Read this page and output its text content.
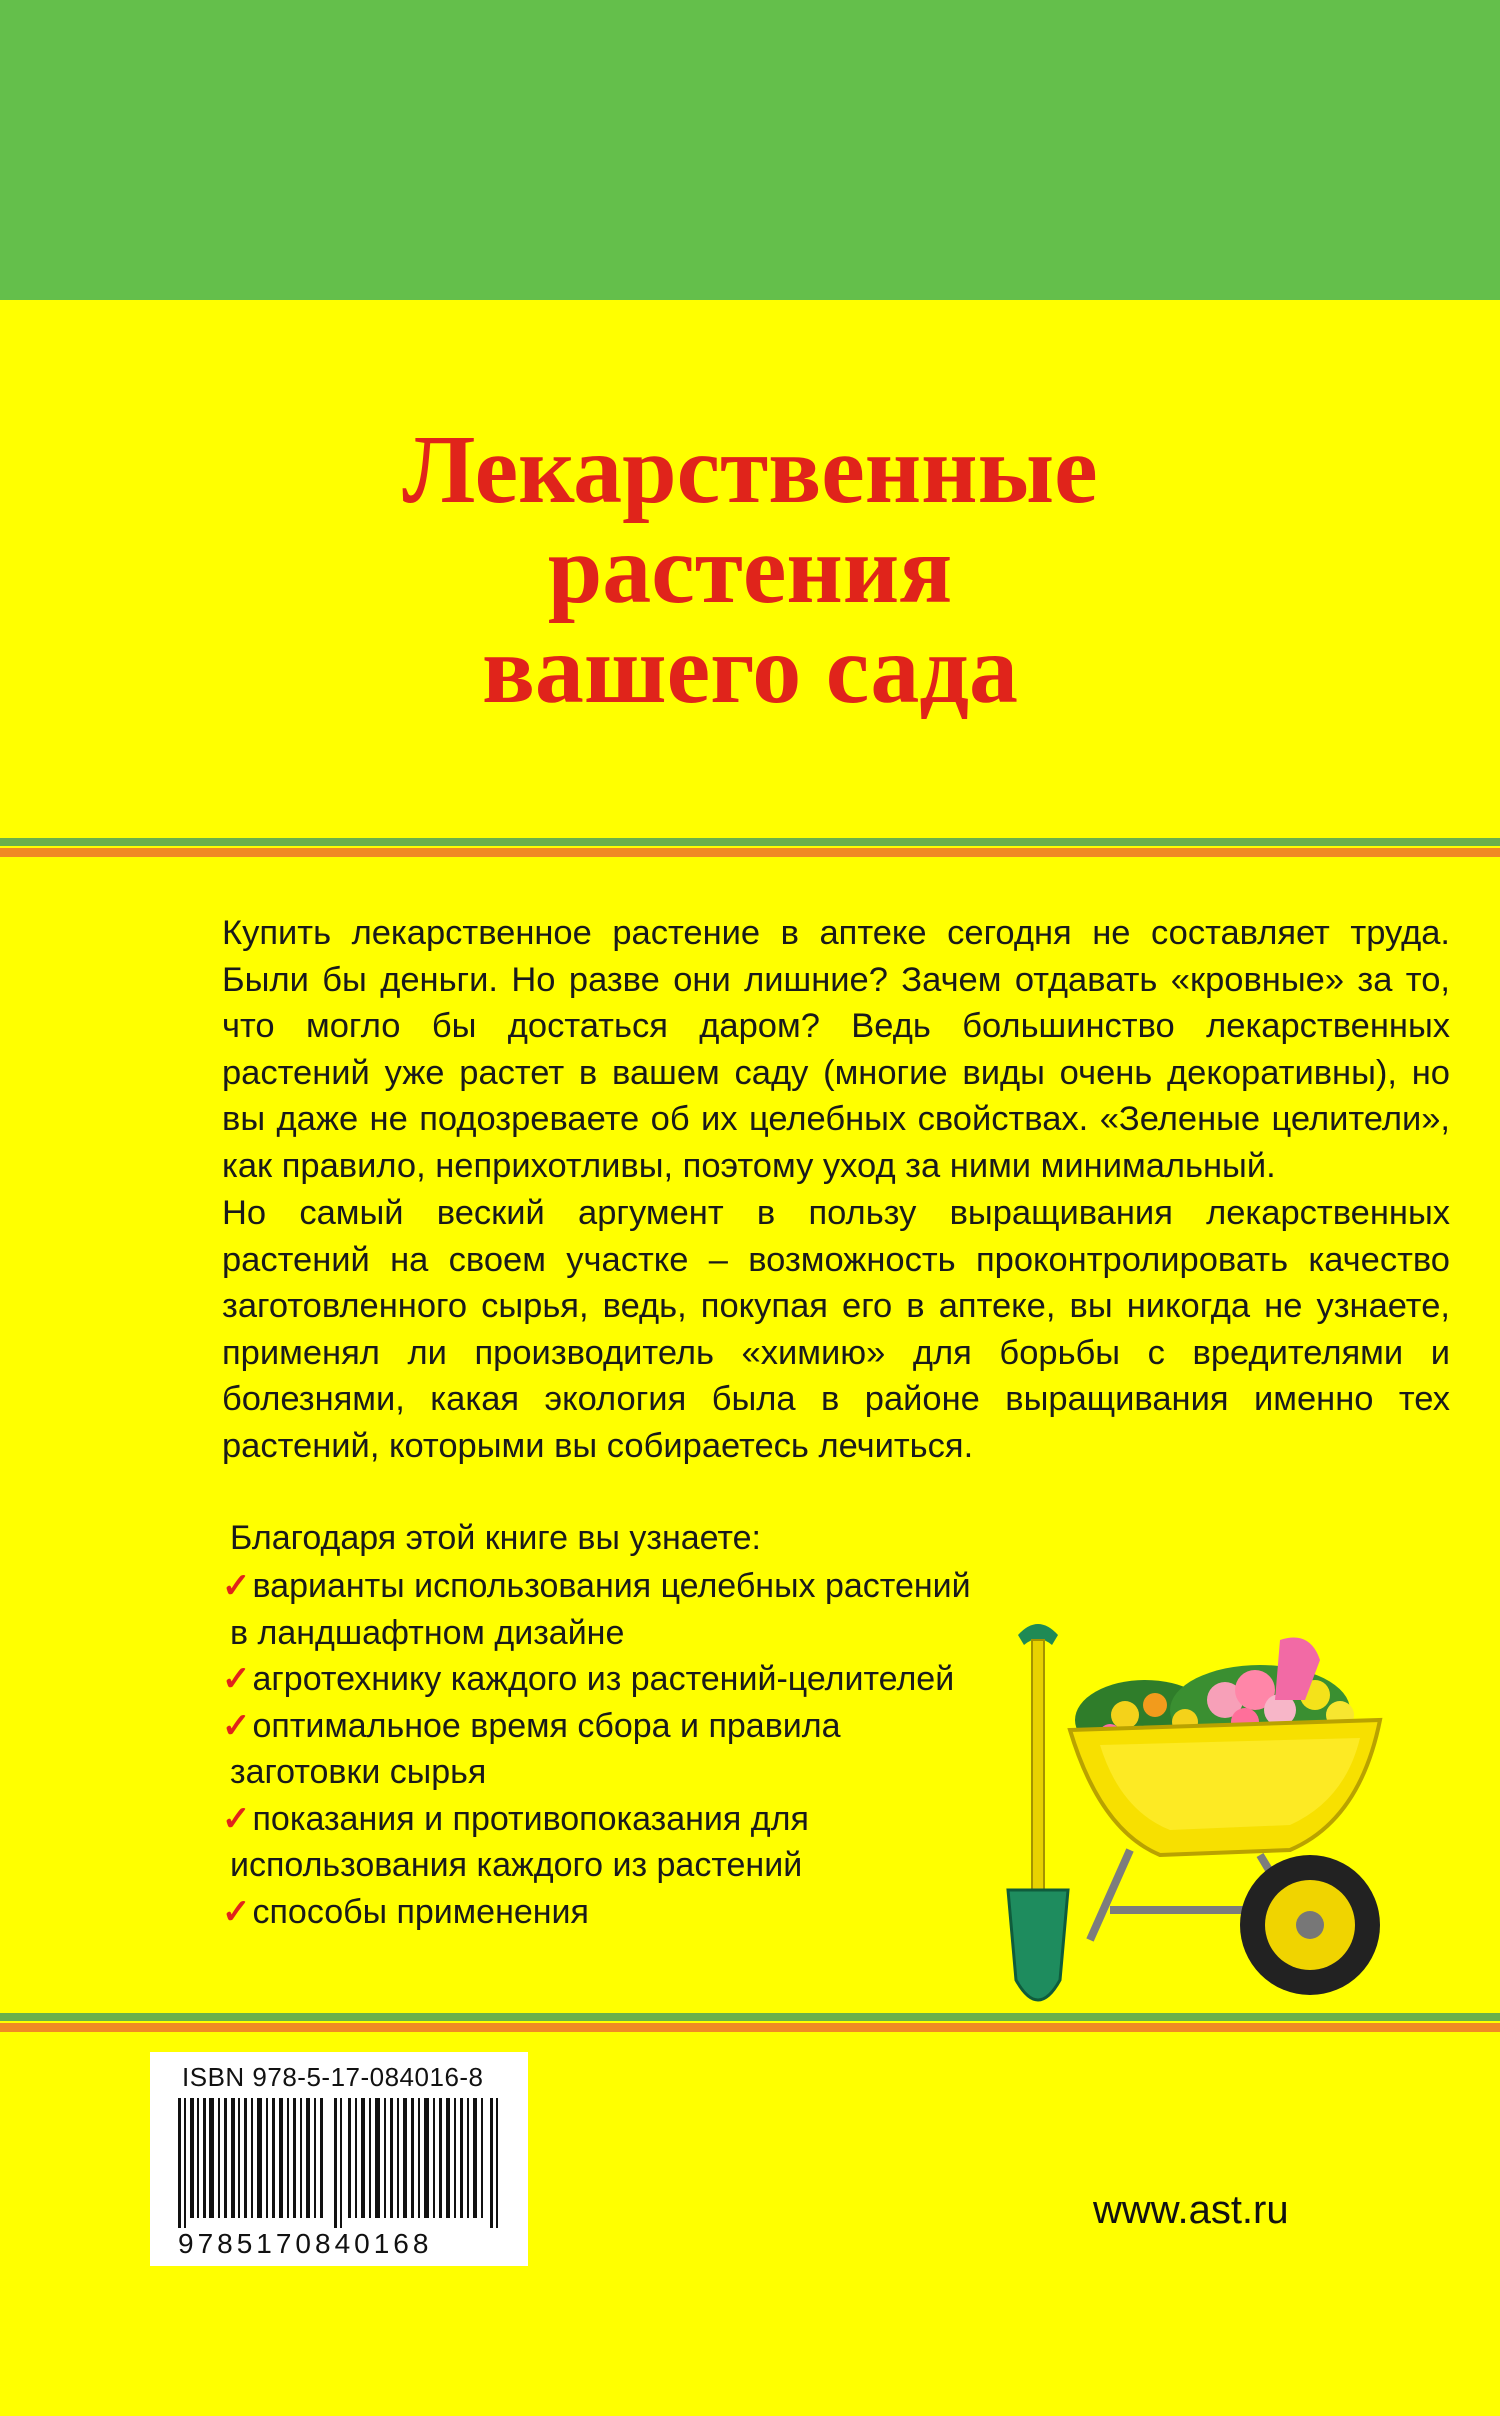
Лекарственные
растения
вашего сада
Купить лекарственное растение в аптеке сегодня не составляет труда.
Были бы деньги. Но разве они лишние? Зачем отдавать «кровные» за то,
что могло бы достаться даром? Ведь большинство лекарственных
растений уже растет в вашем саду (многие виды очень декоративны), но
вы даже не подозреваете об их целебных свойствах. «Зеленые целители»,
как правило, неприхотливы, поэтому уход за ними минимальный.
Но самый веский аргумент в пользу выращивания лекарственных
растений на своем участке – возможность проконтролировать качество
заготовленного сырья, ведь, покупая его в аптеке, вы никогда не узнаете,
применял ли производитель «химию» для борьбы с вредителями и
болезнями, какая экология была в районе выращивания именно тех
растений, которыми вы собираетесь лечиться.
Благодаря этой книге вы узнаете:
✓варианты использования целебных растений
в ландшафтном дизайне
✓агротехнику каждого из растений-целителей
✓оптимальное время сбора и правила
заготовки сырья
✓показания и противопоказания для
использования каждого из растений
✓способы применения
ISBN 978-5-17-084016-8
9785170840168
www.ast.ru
